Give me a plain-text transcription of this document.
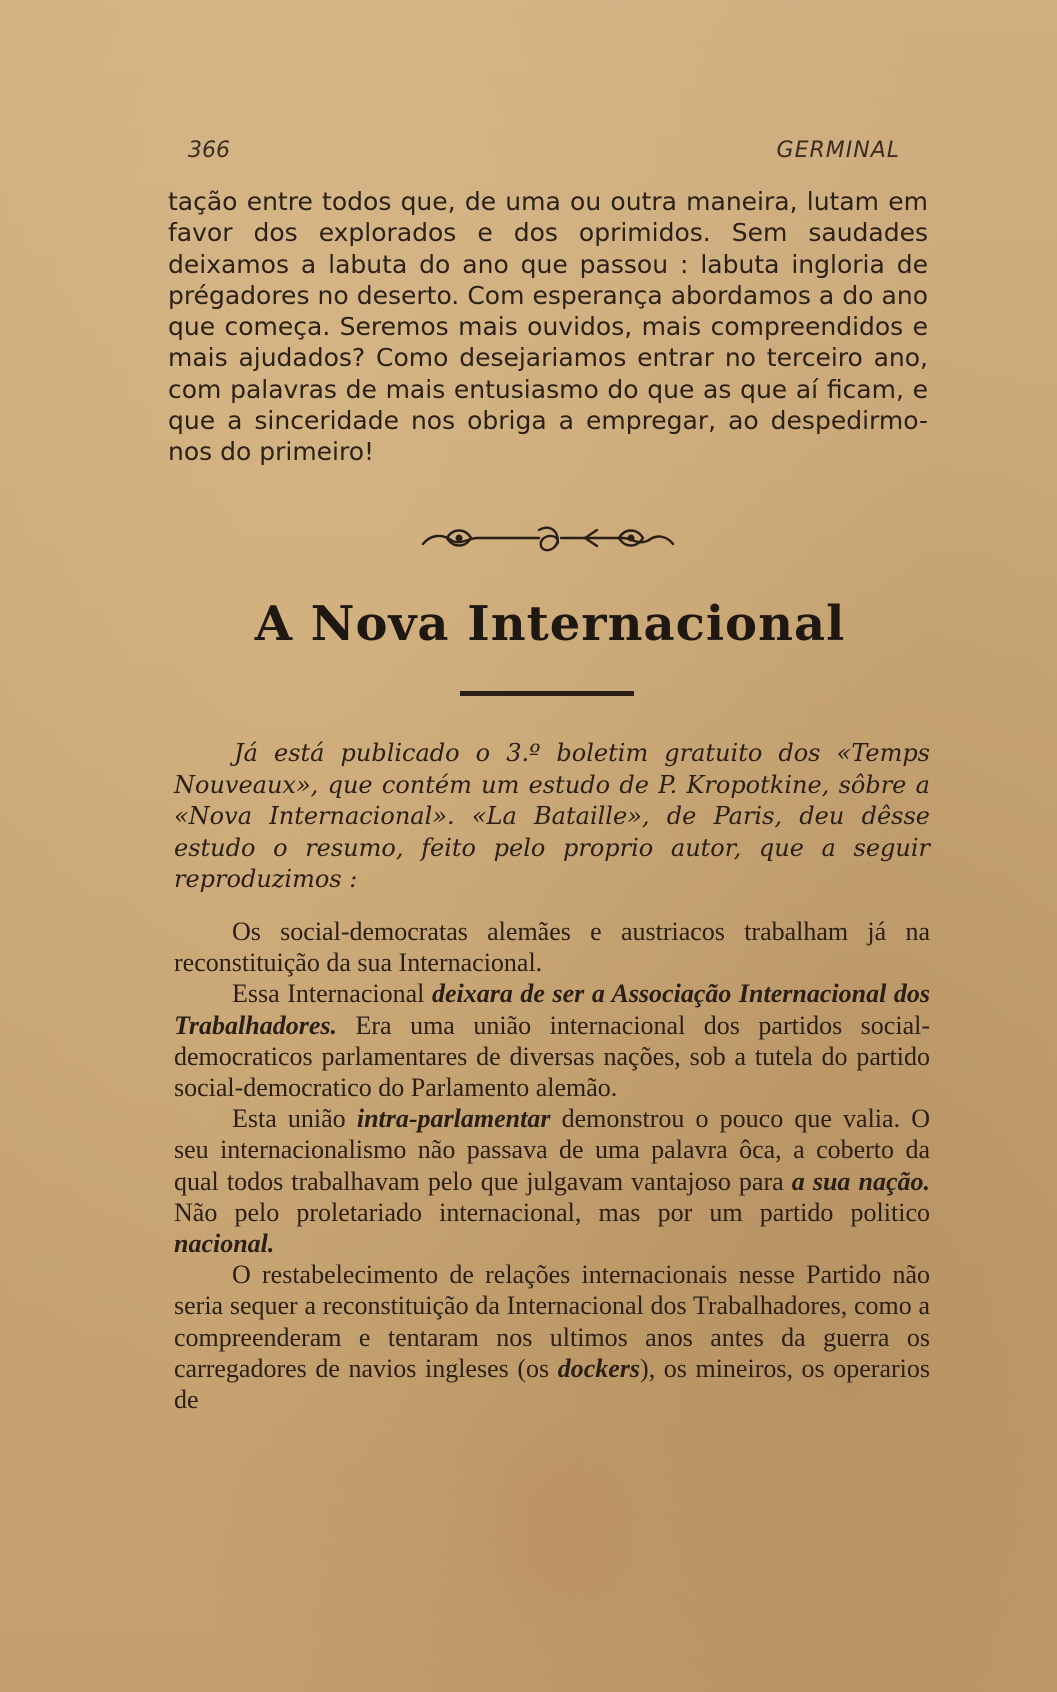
366	GERMINAL

tação entre todos que, de uma ou outra maneira, lutam em favor dos explorados e dos oprimidos. Sem saudades deixamos a labuta do ano que passou : labuta ingloria de prégadores no deserto. Com esperança abordamos a do ano que começa. Seremos mais ouvidos, mais compreendidos e mais ajudados? Como desejariamos entrar no terceiro ano, com palavras de mais entusiasmo do que as que aí ficam, e que a sinceridade nos obriga a empregar, ao despedirmo-nos do primeiro!

A Nova Internacional

Já está publicado o 3.º boletim gratuito dos «Temps Nouveaux», que contém um estudo de P. Kropotkine, sôbre a «Nova Internacional». «La Bataille», de Paris, deu dêsse estudo o resumo, feito pelo proprio autor, que a seguir reproduzimos :

Os social-democratas alemães e austriacos trabalham já na reconstituição da sua Internacional.

Essa Internacional deixara de ser a Associação Internacional dos Trabalhadores. Era uma união internacional dos partidos social-democraticos parlamentares de diversas nações, sob a tutela do partido social-democratico do Parlamento alemão.

Esta união intra-parlamentar demonstrou o pouco que valia. O seu internacionalismo não passava de uma palavra ôca, a coberto da qual todos trabalhavam pelo que julgavam vantajoso para a sua nação. Não pelo proletariado internacional, mas por um partido politico nacional.

O restabelecimento de relações internacionais nesse Partido não seria sequer a reconstituição da Internacional dos Trabalhadores, como a compreenderam e tentaram nos ultimos anos antes da guerra os carregadores de navios ingleses (os dockers), os mineiros, os operarios de
